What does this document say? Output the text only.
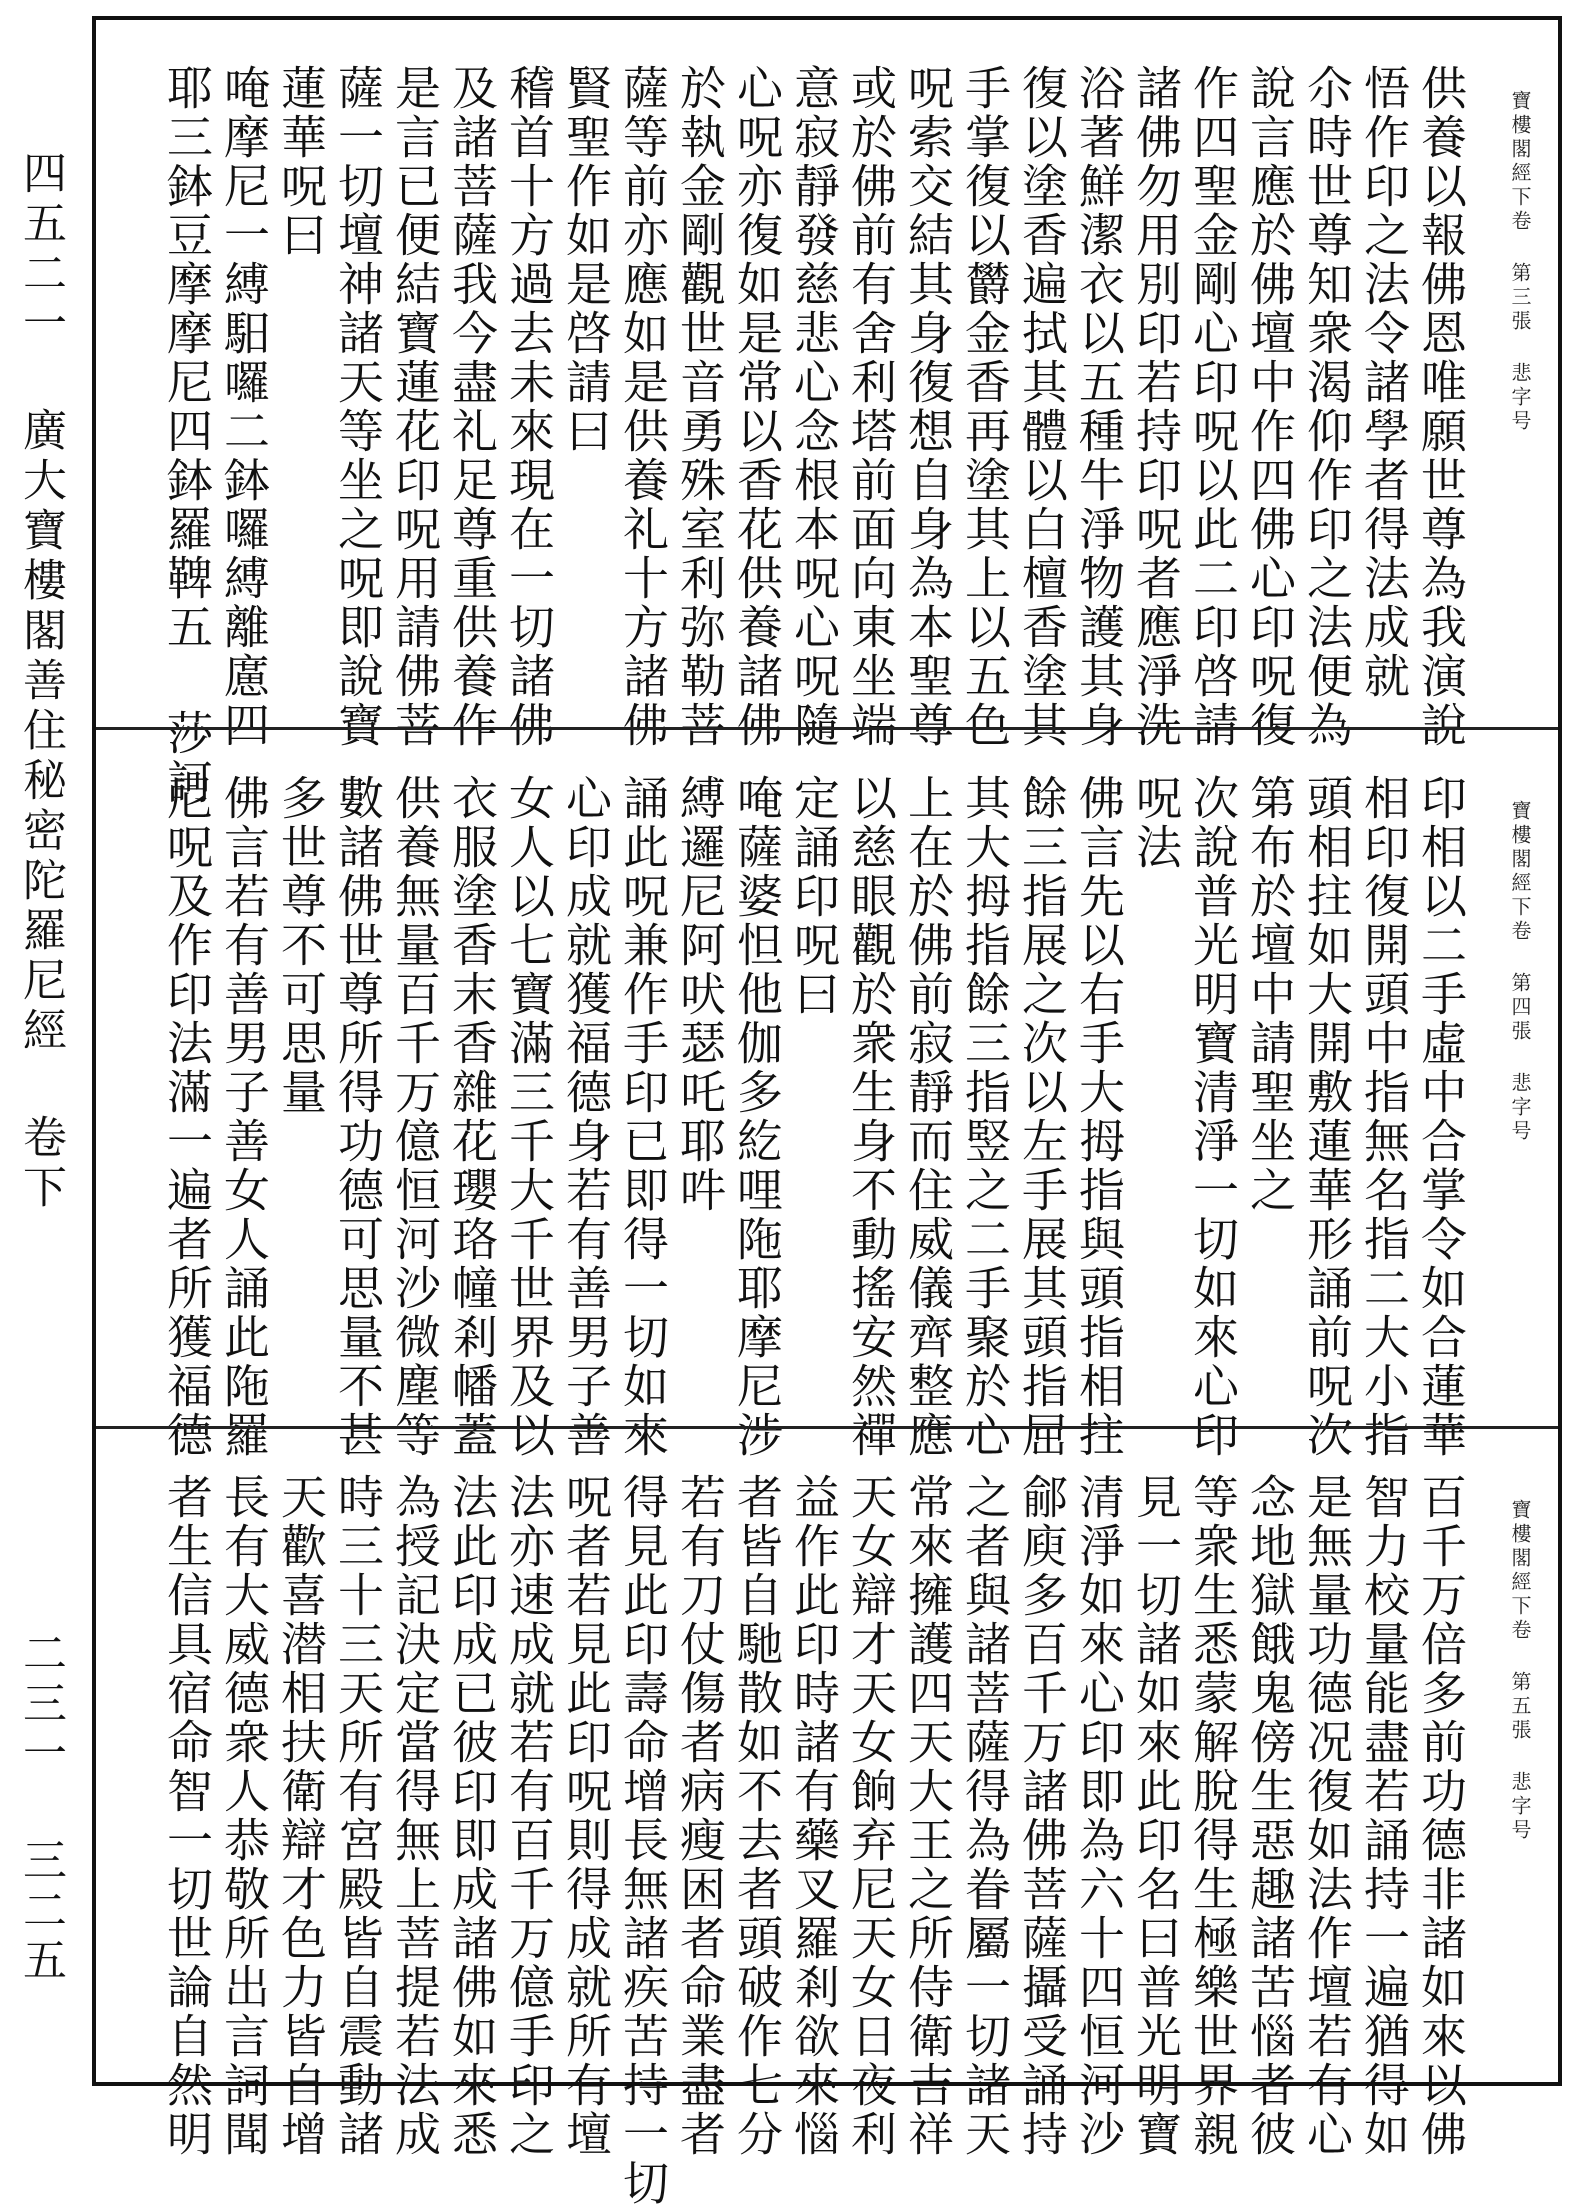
四五二一 廣大寶樓閣善住秘密陀羅尼經 卷下
二三一 三二五
寶樓閣經下卷 第三張 悲字号
供養以報佛恩唯願世尊為我演說
悟作印之法令諸學者得法成就
尒時世尊知衆渴仰作印之法便為
說言應於佛壇中作四佛心印呪復
作四聖金剛心印呪以此二印啓請
諸佛勿用別印若持印呪者應淨洗
浴著鮮潔衣以五種牛淨物護其身
復以塗香遍拭其體以白檀香塗其
手掌復以欝金香再塗其上以五色
呪索交結其身復想自身為本聖尊
或於佛前有舍利塔前面向東坐端
意寂靜發慈悲心念根本呪心呪隨
心呪亦復如是常以香花供養諸佛
於執金剛觀世音勇殊室利弥勒菩
薩等前亦應如是供養礼十方諸佛
賢聖作如是啓請曰
稽首十方過去未來現在一切諸佛
及諸菩薩我今盡礼足尊重供養作
是言已便結寶蓮花印呪用請佛菩
薩一切壇神諸天等坐之呪即說寶
蓮華呪曰
唵摩尼一縛馹囉二鉢囉縛離㢜四
耶三鉢豆摩摩尼四鉢羅鞞五 莎訶
寶樓閣經下卷 第四張 悲字号
印相以二手虛中合掌令如合蓮華
相印復開頭中指無名指二大小指
頭相拄如大開敷蓮華形誦前呪次
第布於壇中請聖坐之
次說普光明寶清淨一切如來心印
呪法
佛言先以右手大拇指與頭指相拄
餘三指展之次以左手展其頭指屈
其大拇指餘三指竪之二手聚於心
上在於佛前寂靜而住威儀齊整應
以慈眼觀於衆生身不動搖安然禪
定誦印呪曰
唵薩婆怛他伽多紇哩陁耶摩尼涉
縛邏尼阿吠瑟吒耶吽
誦此呪兼作手印已即得一切如來
心印成就獲福德身若有善男子善
女人以七寶滿三千大千世界及以
衣服塗香末香雜花瓔珞幢剎幡蓋
供養無量百千万億恒河沙微塵等
數諸佛世尊所得功德可思量不甚
多世尊不可思量
佛言若有善男子善女人誦此陁羅
尼呪及作印法滿一遍者所獲福德
寶樓閣經下卷 第五張 悲字号
百千万倍多前功德非諸如來以佛
智力校量能盡若誦持一遍猶得如
是無量功德况復如法作壇若有心
念地獄餓鬼傍生惡趣諸苦惱者彼
等衆生悉蒙解脫得生極樂世界親
見一切諸如來此印名曰普光明寶
清淨如來心印即為六十四恒河沙
鄃庾多百千万諸佛菩薩攝受誦持
之者與諸菩薩得為眷屬一切諸天
常來擁護四天大王之所侍衛吉祥
天女辯才天女餉弃尼天女日夜利
益作此印時諸有藥叉羅剎欲來惱
者皆自馳散如不去者頭破作七分
若有刀仗傷者病瘦困者命業盡者
得見此印壽命增長無諸疾苦持一切
呪者若見此印呪則得成就所有壇
法亦速成就若有百千万億手印之
法此印成已彼印即成諸佛如來悉
為授記決定當得無上菩提若法成
時三十三天所有宮殿皆自震動諸
天歡喜潜相扶衛辯才色力皆自增
長有大威德衆人恭敬所出言詞聞
者生信具宿命智一切世論自然明
